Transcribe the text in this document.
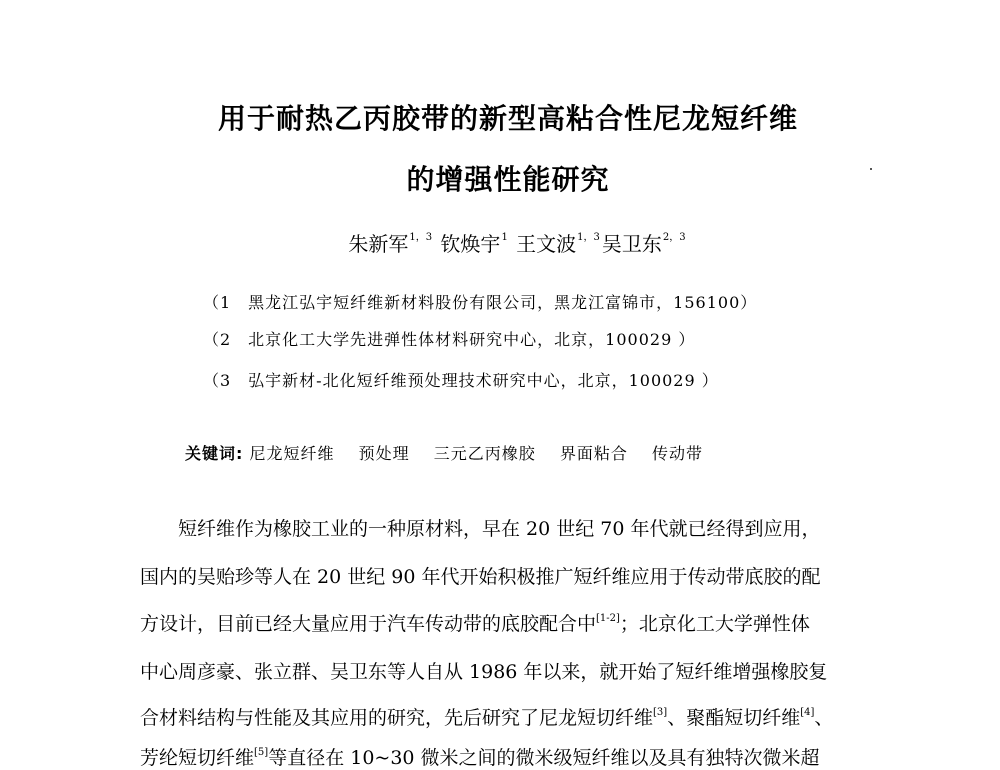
用于耐热乙丙胶带的新型高粘合性尼龙短纤维
的增强性能研究
朱新军$^{1,3}$ 钦焕宇$^1$ 王文波$^{1,3}$ 吴卫东$^{2,3}$
（1　黑龙江弘宇短纤维新材料股份有限公司，黑龙江富锦市，156100）
（2　北京化工大学先进弹性体材料研究中心，北京，100029 ）
（3　弘宇新材-北化短纤维预处理技术研究中心，北京，100029 ）
关键词: 尼龙短纤维 预处理 三元乙丙橡胶 界面粘合 传动带
短纤维作为橡胶工业的一种原材料，早在 20 世纪 70 年代就已经得到应用，
国内的吴贻珍等人在 20 世纪 90 年代开始积极推广短纤维应用于传动带底胶的配
方设计，目前已经大量应用于汽车传动带的底胶配合中[1-2]；北京化工大学弹性体
中心周彦豪、张立群、吴卫东等人自从 1986 年以来，就开始了短纤维增强橡胶复
合材料结构与性能及其应用的研究，先后研究了尼龙短切纤维[3]、聚酯短切纤维[4]、
芳纶短切纤维[5]等直径在 10~30 微米之间的微米级短纤维以及具有独特次微米超
